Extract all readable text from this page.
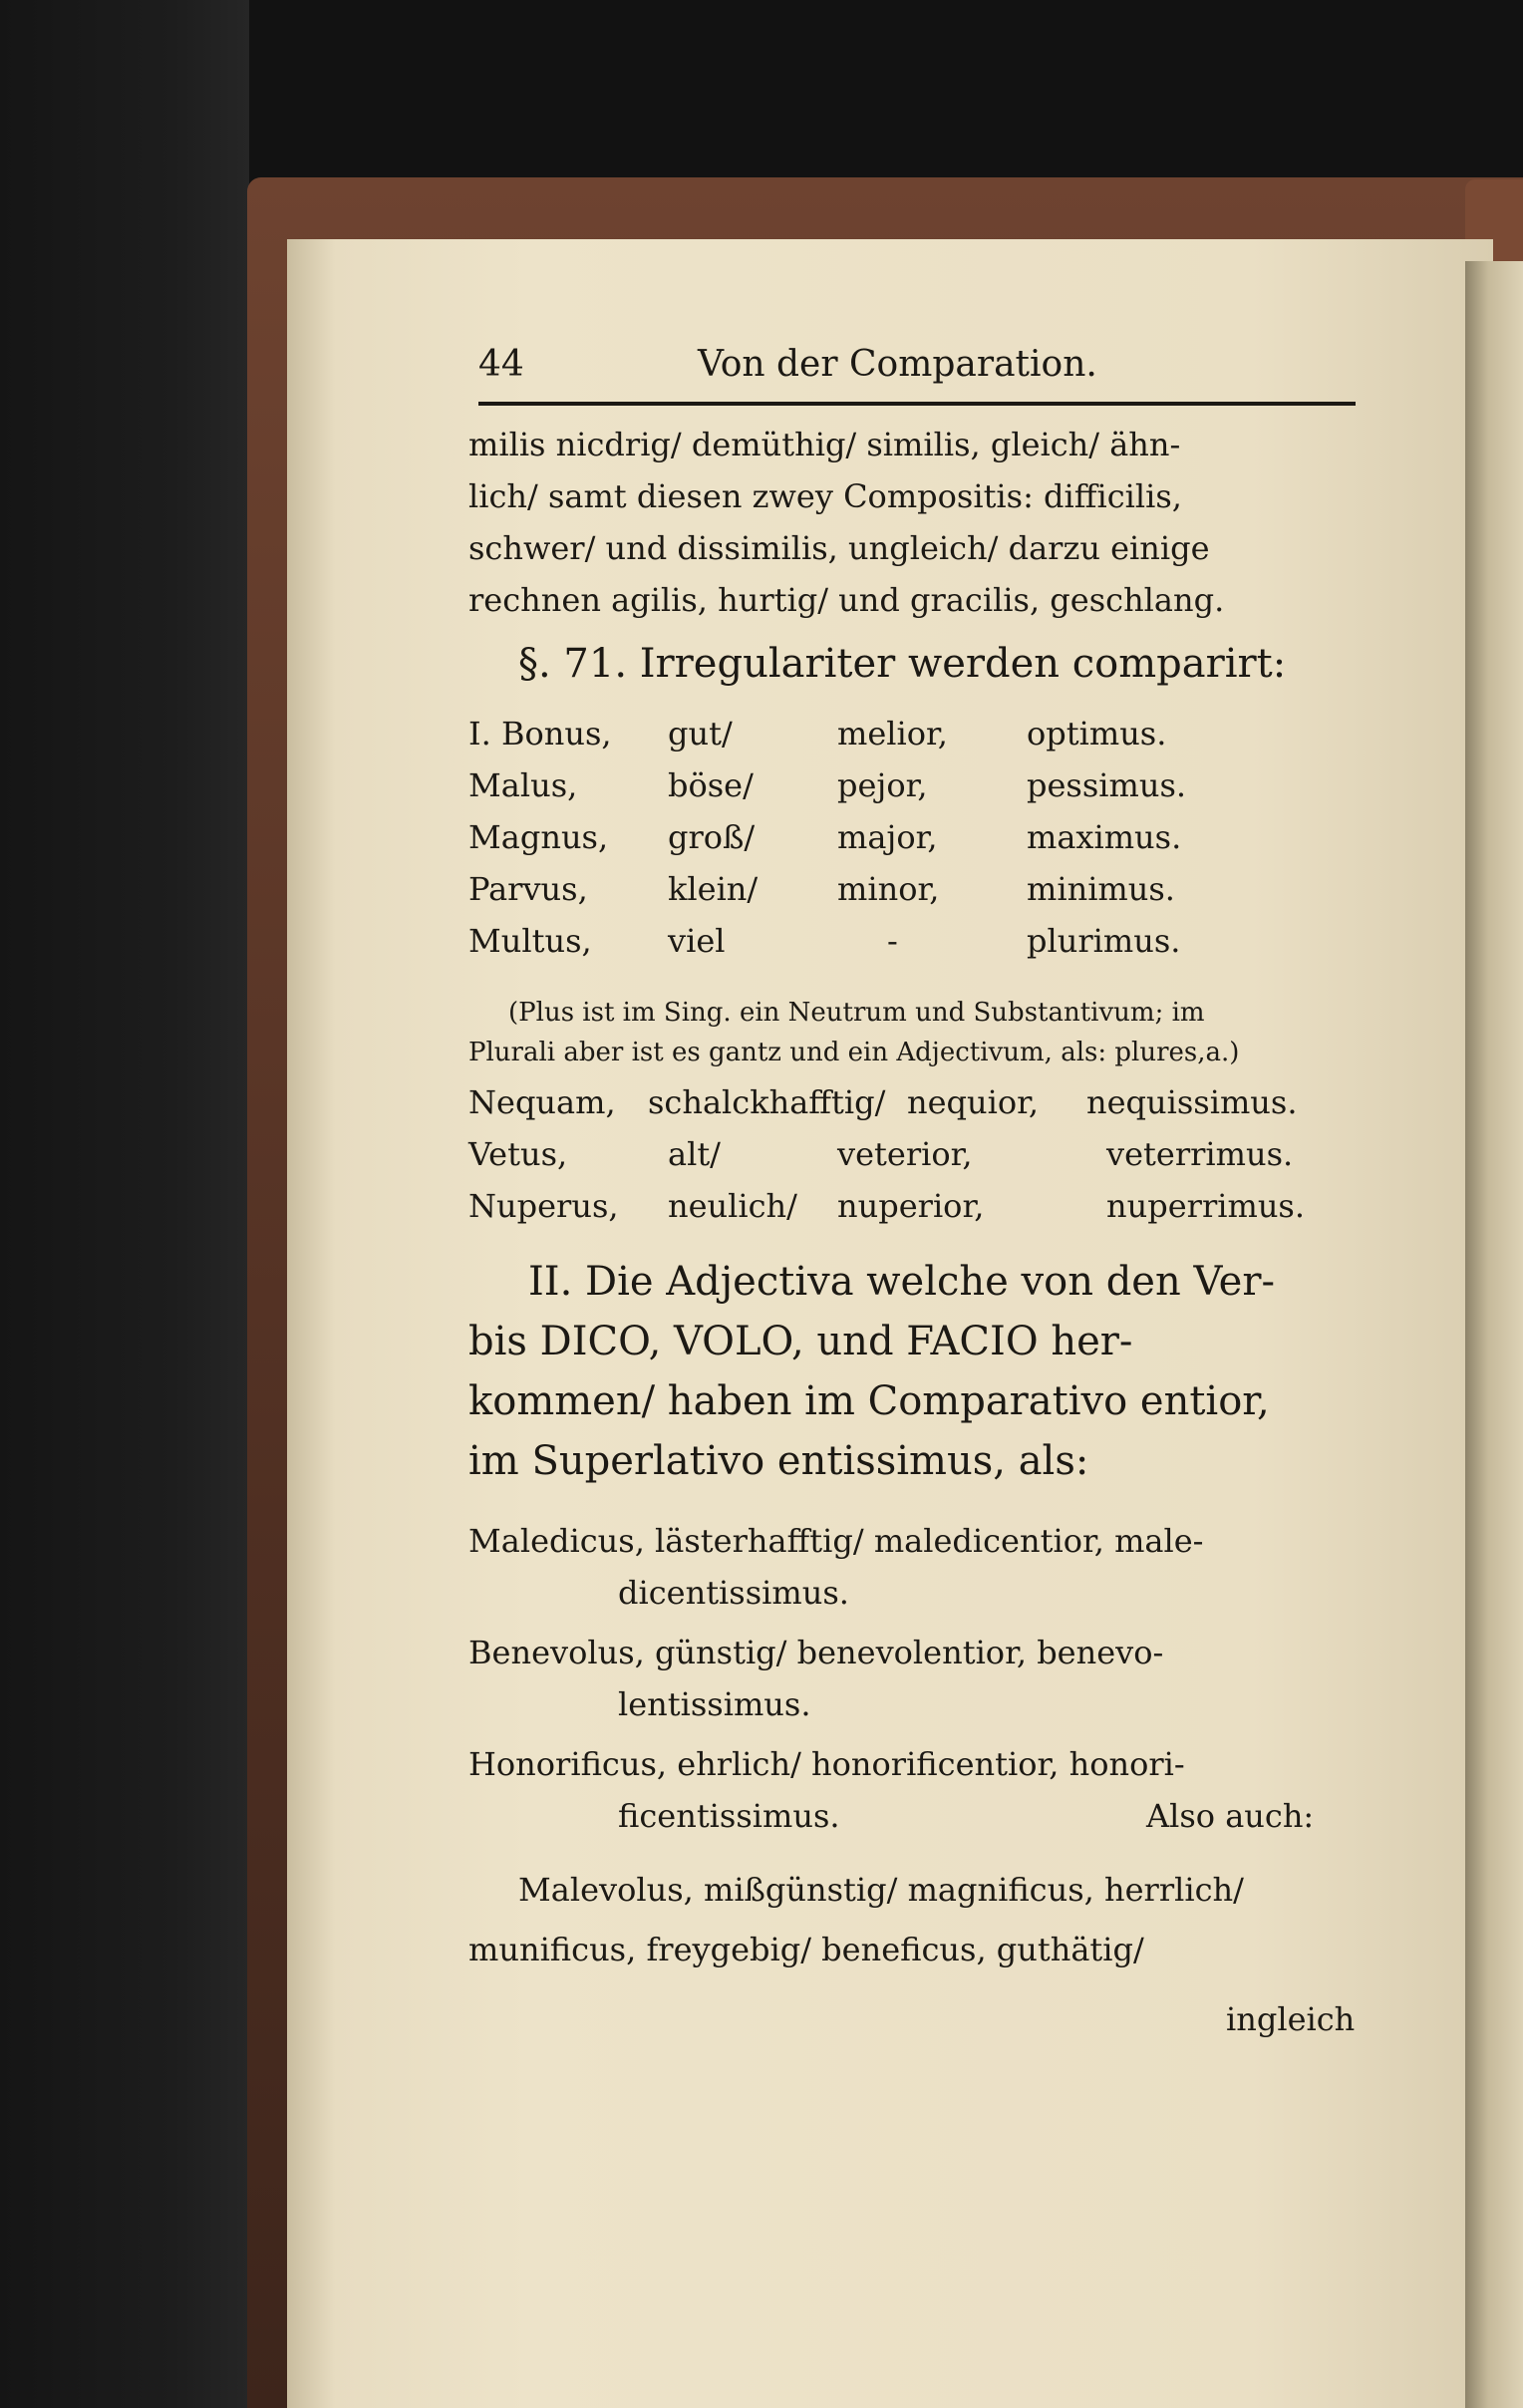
44	Von der Comparation.
milis nicdrig/ demüthig/ similis, gleich/ ähn-
lich/ samt diesen zwey Compositis: difficilis,
schwer/ und dissimilis, ungleich/ darzu einige
rechnen agilis, hurtig/ und gracilis, geschlang.
§. 71. Irregulariter werden comparirt:
I. Bonus, gut/	melior, optimus.
Malus,	böse/	pejor,	pessimus.
Magnus, groß/	major,	maximus.
Parvus,	klein/ minor,	minimus.
Multus, viel	-	plurimus.
(Plus ist im Sing. ein Neutrum und Substantivum; im
Plurali aber ist es gantz und ein Adjectivum, als: plures,a.)
Nequam, schalckhafftig/ nequior, nequissimus.
Vetus,	alt/	veterior,	veterrimus.
Nuperus, neulich/ nuperior,	nuperrimus.
II. Die Adjectiva welche von den Ver-
bis DICO, VOLO, und FACIO her-
kommen/ haben im Comparativo entior,
im Superlativo entissimus, als:
Maledicus, lästerhafftig/ maledicentior, male-
dicentissimus.
Benevolus, günstig/ benevolentior, benevo-
lentissimus.
Honorificus, ehrlich/ honorificentior, honori-
ficentissimus.	Also auch:
Malevolus, mißgünstig/ magnificus, herrlich/
munificus, freygebig/ beneficus, guthätig/
ingleich
